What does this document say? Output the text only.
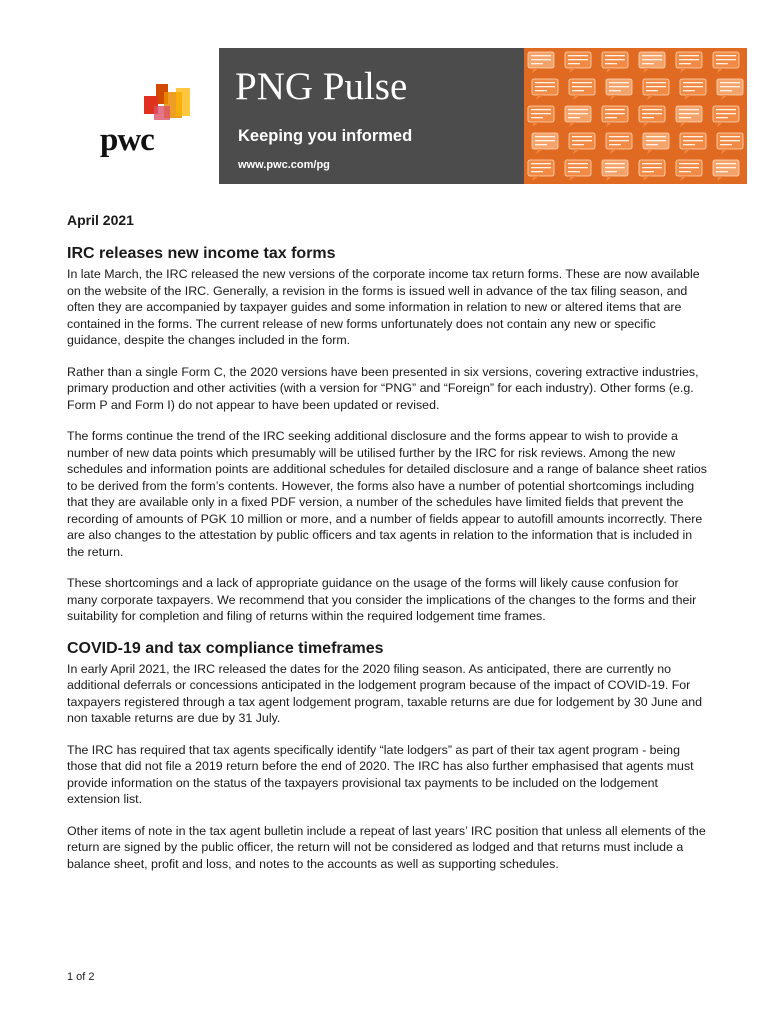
pwc
PNG Pulse
Keeping you informed
www.pwc.com/pg
April 2021
IRC releases new income tax forms

In late March, the IRC released the new versions of the corporate income tax return forms. These are now available on the website of the IRC. Generally, a revision in the forms is issued well in advance of the tax filing season, and often they are accompanied by taxpayer guides and some information in relation to new or altered items that are contained in the forms. The current release of new forms unfortunately does not contain any new or specific guidance, despite the changes included in the form.

Rather than a single Form C, the 2020 versions have been presented in six versions, covering extractive industries, primary production and other activities (with a version for “PNG” and “Foreign” for each industry). Other forms (e.g. Form P and Form I) do not appear to have been updated or revised.

The forms continue the trend of the IRC seeking additional disclosure and the forms appear to wish to provide a number of new data points which presumably will be utilised further by the IRC for risk reviews. Among the new schedules and information points are additional schedules for detailed disclosure and a range of balance sheet ratios to be derived from the form’s contents. However, the forms also have a number of potential shortcomings including that they are available only in a fixed PDF version, a number of the schedules have limited fields that prevent the recording of amounts of PGK 10 million or more, and a number of fields appear to autofill amounts incorrectly. There are also changes to the attestation by public officers and tax agents in relation to the information that is included in the return.

These shortcomings and a lack of appropriate guidance on the usage of the forms will likely cause confusion for many corporate taxpayers. We recommend that you consider the implications of the changes to the forms and their suitability for completion and filing of returns within the required lodgement time frames.

COVID-19 and tax compliance timeframes

In early April 2021, the IRC released the dates for the 2020 filing season. As anticipated, there are currently no additional deferrals or concessions anticipated in the lodgement program because of the impact of COVID-19. For taxpayers registered through a tax agent lodgement program, taxable returns are due for lodgement by 30 June and non taxable returns are due by 31 July.

The IRC has required that tax agents specifically identify “late lodgers” as part of their tax agent program - being those that did not file a 2019 return before the end of 2020. The IRC has also further emphasised that agents must provide information on the status of the taxpayers provisional tax payments to be included on the lodgement extension list.

Other items of note in the tax agent bulletin include a repeat of last years’ IRC position that unless all elements of the return are signed by the public officer, the return will not be considered as lodged and that returns must include a balance sheet, profit and loss, and notes to the accounts as well as supporting schedules.

1 of 2
